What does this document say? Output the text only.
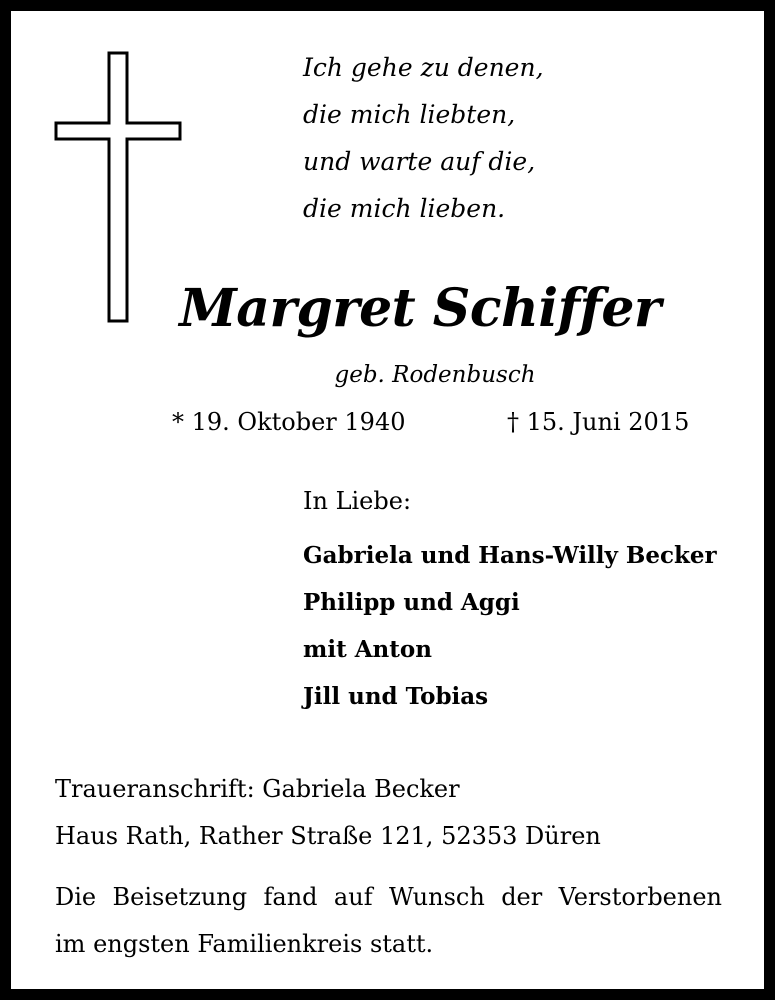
Ich gehe zu denen,
die mich liebten,
und warte auf die,
die mich lieben.
Margret Schiffer
geb. Rodenbusch
* 19. Oktober 1940	† 15. Juni 2015
In Liebe:
Gabriela und Hans-Willy Becker
Philipp und Aggi
mit Anton
Jill und Tobias
Traueranschrift: Gabriela Becker
Haus Rath, Rather Straße 121, 52353 Düren
Die Beisetzung fand auf Wunsch der Verstorbenen
im engsten Familienkreis statt.
